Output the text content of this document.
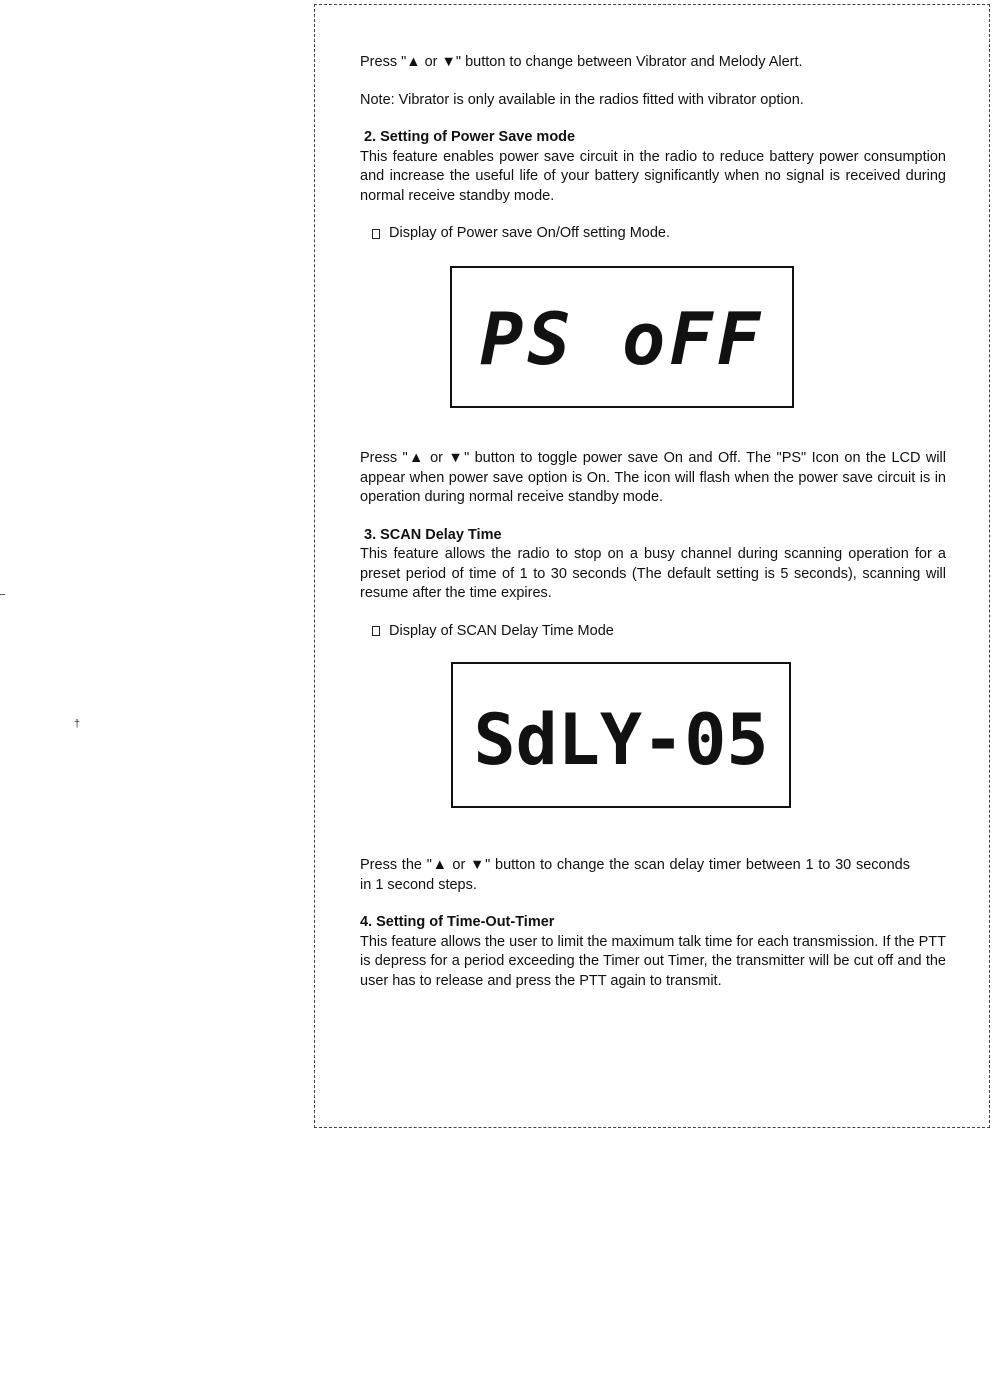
†

Press "▲ or ▼" button to change between Vibrator and Melody Alert.

Note: Vibrator is only available in the radios fitted with vibrator option.

2. Setting of Power Save mode

This feature enables power save circuit in the radio to reduce battery power consumption and increase the useful life of your battery significantly when no signal is received during normal receive standby mode.

Display of Power save On/Off setting Mode.

PS oFF

Press "▲ or ▼" button to toggle power save On and Off. The "PS" Icon on the LCD will appear when power save option is On. The icon will flash when the power save circuit is in operation during normal receive standby mode.

3. SCAN Delay Time

This feature allows the radio to stop on a busy channel during scanning operation for a preset period of time of 1 to 30 seconds (The default setting is 5 seconds), scanning will resume after the time expires.

Display of SCAN Delay Time Mode

SdLY-05

Press the "▲ or ▼" button to change the scan delay timer between 1 to 30 seconds in 1 second steps.

4. Setting of Time-Out-Timer

This feature allows the user to limit the maximum talk time for each transmission. If the PTT is depress for a period exceeding the Timer out Timer, the transmitter will be cut off and the user has to release and press the PTT again to transmit.
